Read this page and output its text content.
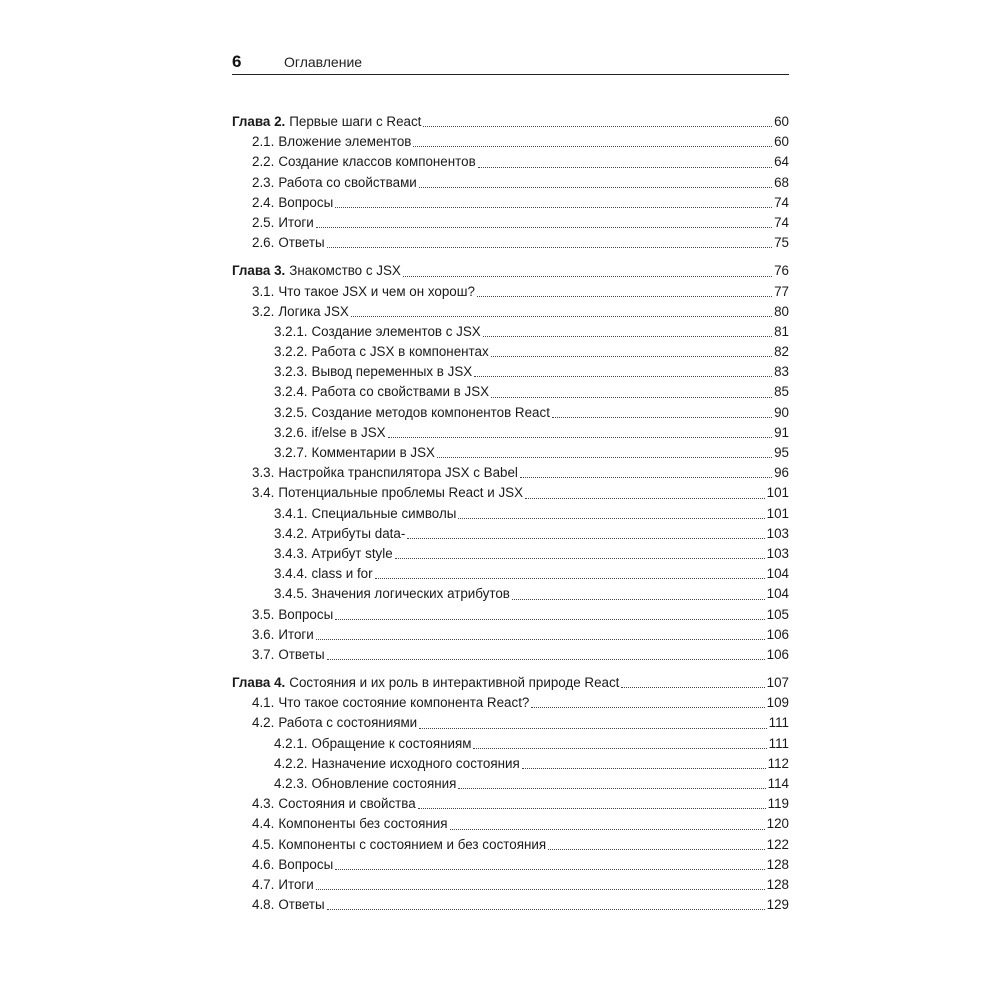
6	Оглавление
Глава 2. Первые шаги с React	60
2.1. Вложение элементов	60
2.2. Создание классов компонентов	64
2.3. Работа со свойствами	68
2.4. Вопросы	74
2.5. Итоги	74
2.6. Ответы	75
Глава 3. Знакомство с JSX	76
3.1. Что такое JSX и чем он хорош?	77
3.2. Логика JSX	80
3.2.1. Создание элементов с JSX	81
3.2.2. Работа с JSX в компонентах	82
3.2.3. Вывод переменных в JSX	83
3.2.4. Работа со свойствами в JSX	85
3.2.5. Создание методов компонентов React	90
3.2.6. if/else в JSX	91
3.2.7. Комментарии в JSX	95
3.3. Настройка транспилятора JSX с Babel	96
3.4. Потенциальные проблемы React и JSX	101
3.4.1. Специальные символы	101
3.4.2. Атрибуты data-	103
3.4.3. Атрибут style	103
3.4.4. class и for	104
3.4.5. Значения логических атрибутов	104
3.5. Вопросы	105
3.6. Итоги	106
3.7. Ответы	106
Глава 4. Состояния и их роль в интерактивной природе React	107
4.1. Что такое состояние компонента React?	109
4.2. Работа с состояниями	111
4.2.1. Обращение к состояниям	111
4.2.2. Назначение исходного состояния	112
4.2.3. Обновление состояния	114
4.3. Состояния и свойства	119
4.4. Компоненты без состояния	120
4.5. Компоненты с состоянием и без состояния	122
4.6. Вопросы	128
4.7. Итоги	128
4.8. Ответы	129
